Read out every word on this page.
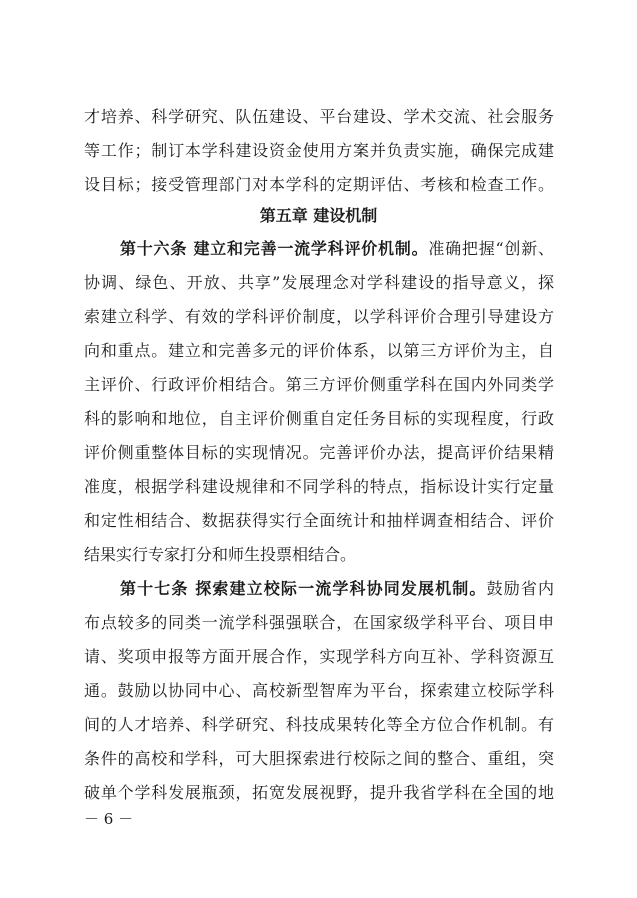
才培养、科学研究、队伍建设、平台建设、学术交流、社会服务
等工作；制订本学科建设资金使用方案并负责实施，确保完成建
设目标；接受管理部门对本学科的定期评估、考核和检查工作。
第五章 建设机制
第十六条 建立和完善一流学科评价机制。准确把握“创新、
协调、绿色、开放、共享”发展理念对学科建设的指导意义，探
索建立科学、有效的学科评价制度，以学科评价合理引导建设方
向和重点。建立和完善多元的评价体系，以第三方评价为主，自
主评价、行政评价相结合。第三方评价侧重学科在国内外同类学
科的影响和地位，自主评价侧重自定任务目标的实现程度，行政
评价侧重整体目标的实现情况。完善评价办法，提高评价结果精
准度，根据学科建设规律和不同学科的特点，指标设计实行定量
和定性相结合、数据获得实行全面统计和抽样调查相结合、评价
结果实行专家打分和师生投票相结合。
第十七条 探索建立校际一流学科协同发展机制。鼓励省内
布点较多的同类一流学科强强联合，在国家级学科平台、项目申
请、奖项申报等方面开展合作，实现学科方向互补、学科资源互
通。鼓励以协同中心、高校新型智库为平台，探索建立校际学科
间的人才培养、科学研究、科技成果转化等全方位合作机制。有
条件的高校和学科，可大胆探索进行校际之间的整合、重组，突
破单个学科发展瓶颈，拓宽发展视野，提升我省学科在全国的地
－ 6 －
